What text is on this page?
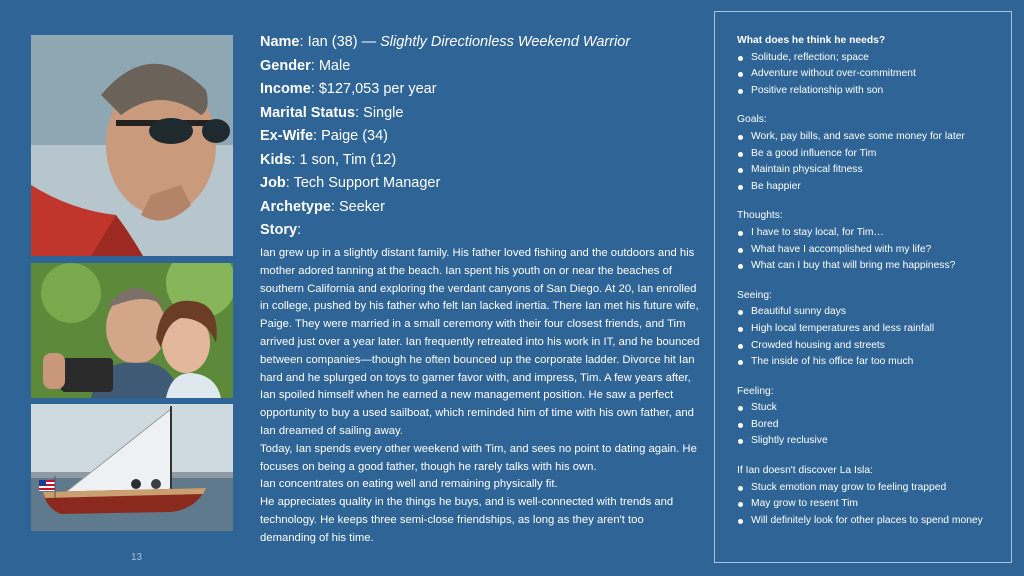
Name: Ian (38) — Slightly Directionless Weekend Warrior
Gender: Male
Income: $127,053 per year
Marital Status: Single
Ex-Wife: Paige (34)
Kids: 1 son, Tim (12)
Job: Tech Support Manager
Archetype: Seeker
Story:

Ian grew up in a slightly distant family. His father loved fishing and the outdoors and his mother adored tanning at the beach. Ian spent his youth on or near the beaches of southern California and exploring the verdant canyons of San Diego. At 20, Ian enrolled in college, pushed by his father who felt Ian lacked inertia. There Ian met his future wife, Paige. They were married in a small ceremony with their four closest friends, and Tim arrived just over a year later. Ian frequently retreated into his work in IT, and he bounced between companies—though he often bounced up the corporate ladder. Divorce hit Ian hard and he splurged on toys to garner favor with, and impress, Tim. A few years after, Ian spoiled himself when he earned a new management position. He saw a perfect opportunity to buy a used sailboat, which reminded him of time with his own father, and Ian dreamed of sailing away.

Today, Ian spends every other weekend with Tim, and sees no point to dating again. He focuses on being a good father, though he rarely talks with his own.

Ian concentrates on eating well and remaining physically fit.

He appreciates quality in the things he buys, and is well-connected with trends and technology. He keeps three semi-close friendships, as long as they aren't too demanding of his time.

13
What does he think he needs?
Solitude, reflection; space
Adventure without over-commitment
Positive relationship with son
Goals:
Work, pay bills, and save some money for later
Be a good influence for Tim
Maintain physical fitness
Be happier
Thoughts:
I have to stay local, for Tim…
What have I accomplished with my life?
What can I buy that will bring me happiness?
Seeing:
Beautiful sunny days
High local temperatures and less rainfall
Crowded housing and streets
The inside of his office far too much
Feeling:
Stuck
Bored
Slightly reclusive
If Ian doesn't discover La Isla:
Stuck emotion may grow to feeling trapped
May grow to resent Tim
Will definitely look for other places to spend money
